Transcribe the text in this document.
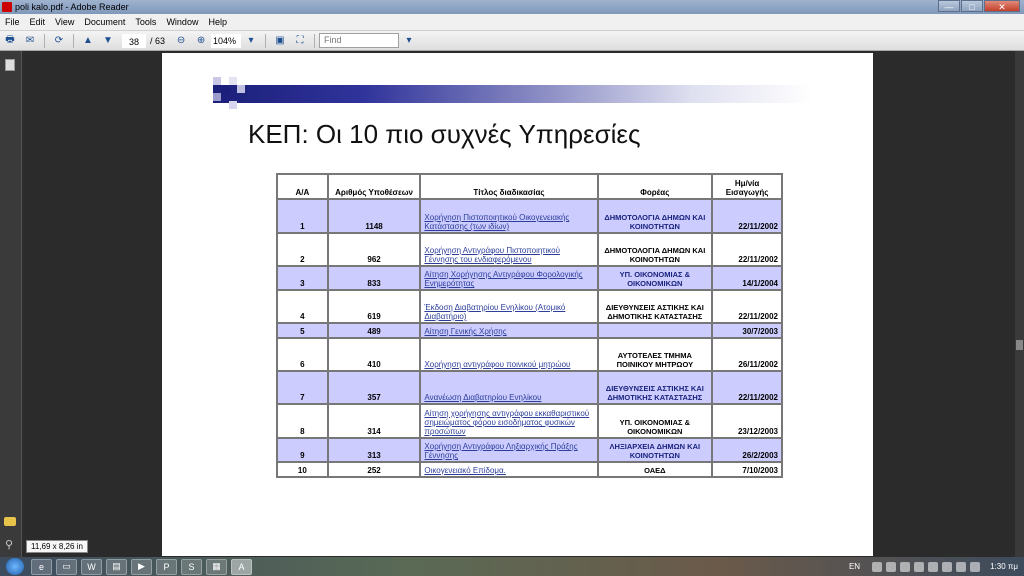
poli kalo.pdf - Adobe Reader	—	□	✕
File	Edit	View	Document	Tools	Window	Help
🖶	✉	⟳	▲	▼	38	/ 63	⊖	⊕ 104%	▾	▣	⛶	Find	▾
⚲
ΚΕΠ: Οι 10 πιο συχνές Υπηρεσίες
Α/Α	Αριθμός Υποθέσεων	Τίτλος διαδικασίας	Φορέας	Ημ/νία Εισαγωγής
1	1148	Χορήγηση Πιστοποιητικού Οικογενειακής Κατάστασης (των ιδίων)	ΔΗΜΟΤΟΛΟΓΙΑ ΔΗΜΩΝ ΚΑΙ ΚΟΙΝΟΤΗΤΩΝ	22/11/2002
2	962	Χορήγηση Αντιγράφου Πιστοποιητικού Γέννησης του ενδιαφερόμενου	ΔΗΜΟΤΟΛΟΓΙΑ ΔΗΜΩΝ ΚΑΙ ΚΟΙΝΟΤΗΤΩΝ	22/11/2002
3	833	Αίτηση Χορήγησης Αντιγράφου Φορολογικής Ενημερότητας	ΥΠ. ΟΙΚΟΝΟΜΙΑΣ & ΟΙΚΟΝΟΜΙΚΩΝ	14/1/2004
4	619	Έκδοση Διαβατηρίου Ενηλίκου (Ατομικό Διαβατήριο)	ΔΙΕΥΘΥΝΣΕΙΣ ΑΣΤΙΚΗΣ ΚΑΙ ΔΗΜΟΤΙΚΗΣ ΚΑΤΑΣΤΑΣΗΣ	22/11/2002
5	489	Αίτηση Γενικής Χρήσης		30/7/2003
6	410	Χορήγηση αντιγράφου ποινικού μητρώου	ΑΥΤΟΤΕΛΕΣ ΤΜΗΜΑ ΠΟΙΝΙΚΟΥ ΜΗΤΡΩΟΥ	26/11/2002
7	357	Ανανέωση Διαβατηρίου Ενηλίκου	ΔΙΕΥΘΥΝΣΕΙΣ ΑΣΤΙΚΗΣ ΚΑΙ ΔΗΜΟΤΙΚΗΣ ΚΑΤΑΣΤΑΣΗΣ	22/11/2002
8	314	Αίτηση χορήγησης αντιγράφου εκκαθαριστικού σημειώματος φόρου εισοδήματος φυσικών προσώπων	ΥΠ. ΟΙΚΟΝΟΜΙΑΣ & ΟΙΚΟΝΟΜΙΚΩΝ	23/12/2003
9	313	Χορήγηση Αντιγράφου Ληξιαρχικής Πράξης Γέννησης	ΛΗΞΙΑΡΧΕΙΑ ΔΗΜΩΝ ΚΑΙ ΚΟΙΝΟΤΗΤΩΝ	26/2/2003
10	252	Οικογενειακό Επίδομα.	ΟΑΕΔ	7/10/2003
11,69 x 8,26 in
e	▭	W	▤	▶	P	S	▦	A	EN	1:30 πμ
